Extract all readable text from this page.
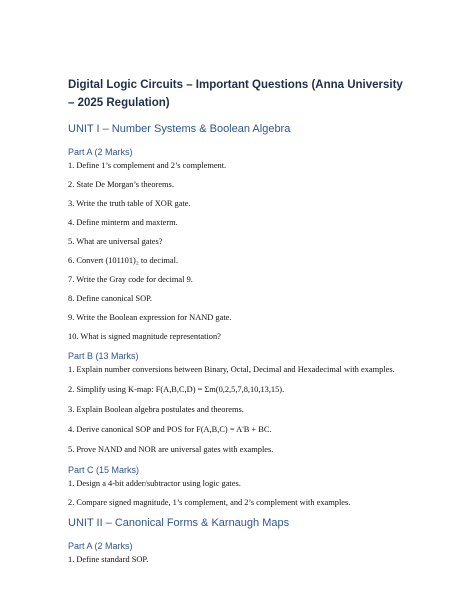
Digital Logic Circuits – Important Questions (Anna University – 2025 Regulation)
UNIT I – Number Systems & Boolean Algebra
Part A (2 Marks)
1. Define 1’s complement and 2’s complement.
2. State De Morgan’s theorems.
3. Write the truth table of XOR gate.
4. Define minterm and maxterm.
5. What are universal gates?
6. Convert (101101)₂ to decimal.
7. Write the Gray code for decimal 9.
8. Define canonical SOP.
9. Write the Boolean expression for NAND gate.
10. What is signed magnitude representation?
Part B (13 Marks)
1. Explain number conversions between Binary, Octal, Decimal and Hexadecimal with examples.
2. Simplify using K-map: F(A,B,C,D) = Σm(0,2,5,7,8,10,13,15).
3. Explain Boolean algebra postulates and theorems.
4. Derive canonical SOP and POS for F(A,B,C) = A'B + BC.
5. Prove NAND and NOR are universal gates with examples.
Part C (15 Marks)
1. Design a 4-bit adder/subtractor using logic gates.
2. Compare signed magnitude, 1’s complement, and 2’s complement with examples.
UNIT II – Canonical Forms & Karnaugh Maps
Part A (2 Marks)
1. Define standard SOP.
